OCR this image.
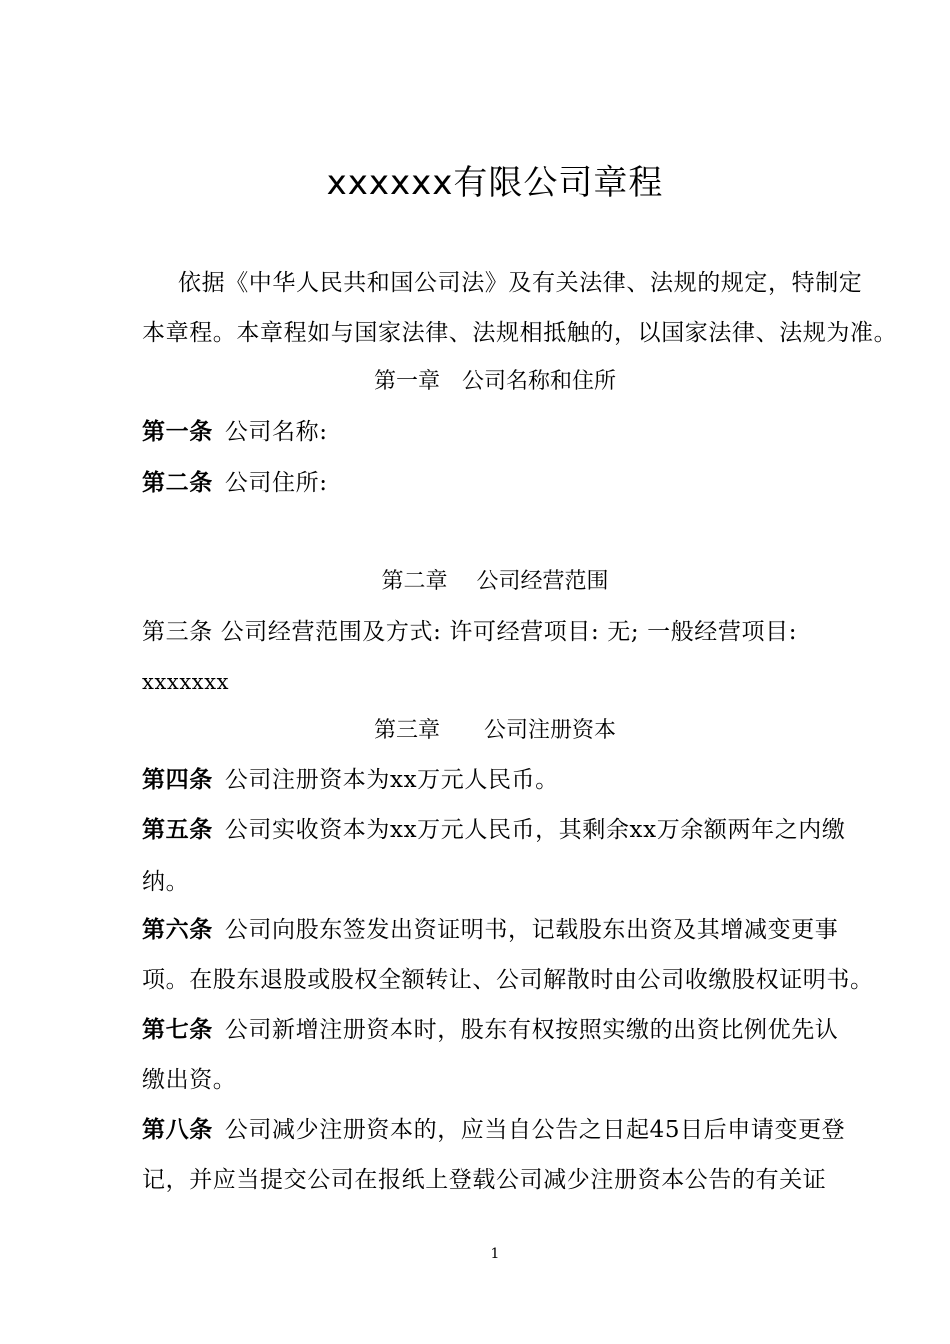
xxxxxx有限公司章程
依据《中华人民共和国公司法》及有关法律、法规的规定，特制定
本章程。本章程如与国家法律、法规相抵触的，以国家法律、法规为准。
第一章　公司名称和住所
第一条 公司名称:
第二条 公司住所:
第二章　 公司经营范围
第三条 公司经营范围及方式: 许可经营项目: 无; 一般经营项目:
xxxxxxx
第三章　　公司注册资本
第四条 公司注册资本为xx万元人民币。
第五条 公司实收资本为xx万元人民币，其剩余xx万余额两年之内缴
纳。
第六条 公司向股东签发出资证明书，记载股东出资及其增减变更事
项。在股东退股或股权全额转让、公司解散时由公司收缴股权证明书。
第七条 公司新增注册资本时，股东有权按照实缴的出资比例优先认
缴出资。
第八条 公司减少注册资本的，应当自公告之日起45日后申请变更登
记，并应当提交公司在报纸上登载公司减少注册资本公告的有关证
1
